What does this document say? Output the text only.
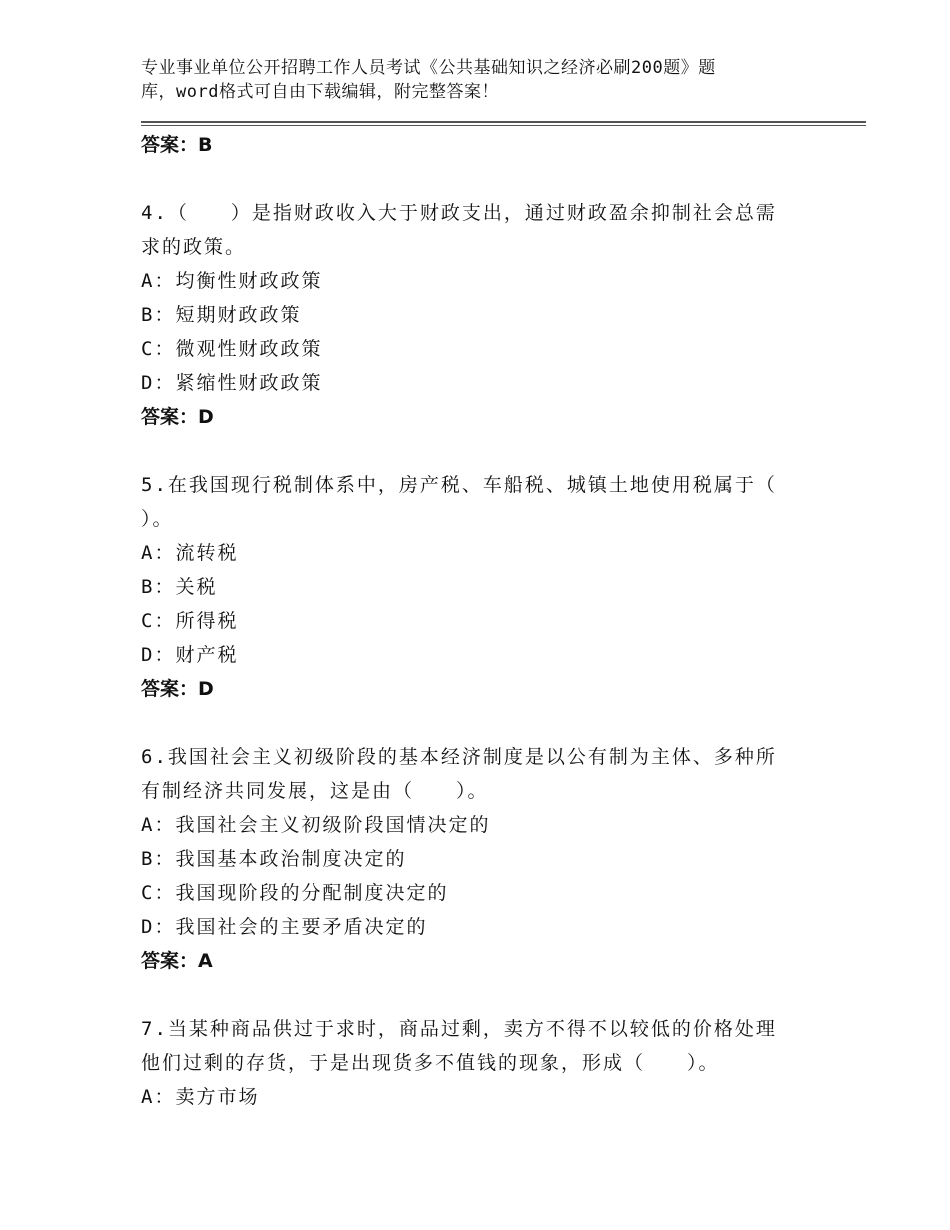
专业事业单位公开招聘工作人员考试《公共基础知识之经济必刷200题》题
库，word格式可自由下载编辑，附完整答案！
答案：B
4.（　　）是指财政收入大于财政支出，通过财政盈余抑制社会总需
求的政策。
A：均衡性财政政策
B：短期财政政策
C：微观性财政政策
D：紧缩性财政政策
答案：D
5.在我国现行税制体系中，房产税、车船税、城镇土地使用税属于（
）。
A：流转税
B：关税
C：所得税
D：财产税
答案：D
6.我国社会主义初级阶段的基本经济制度是以公有制为主体、多种所
有制经济共同发展，这是由（　　）。
A：我国社会主义初级阶段国情决定的
B：我国基本政治制度决定的
C：我国现阶段的分配制度决定的
D：我国社会的主要矛盾决定的
答案：A
7.当某种商品供过于求时，商品过剩，卖方不得不以较低的价格处理
他们过剩的存货，于是出现货多不值钱的现象，形成（　　）。
A：卖方市场
